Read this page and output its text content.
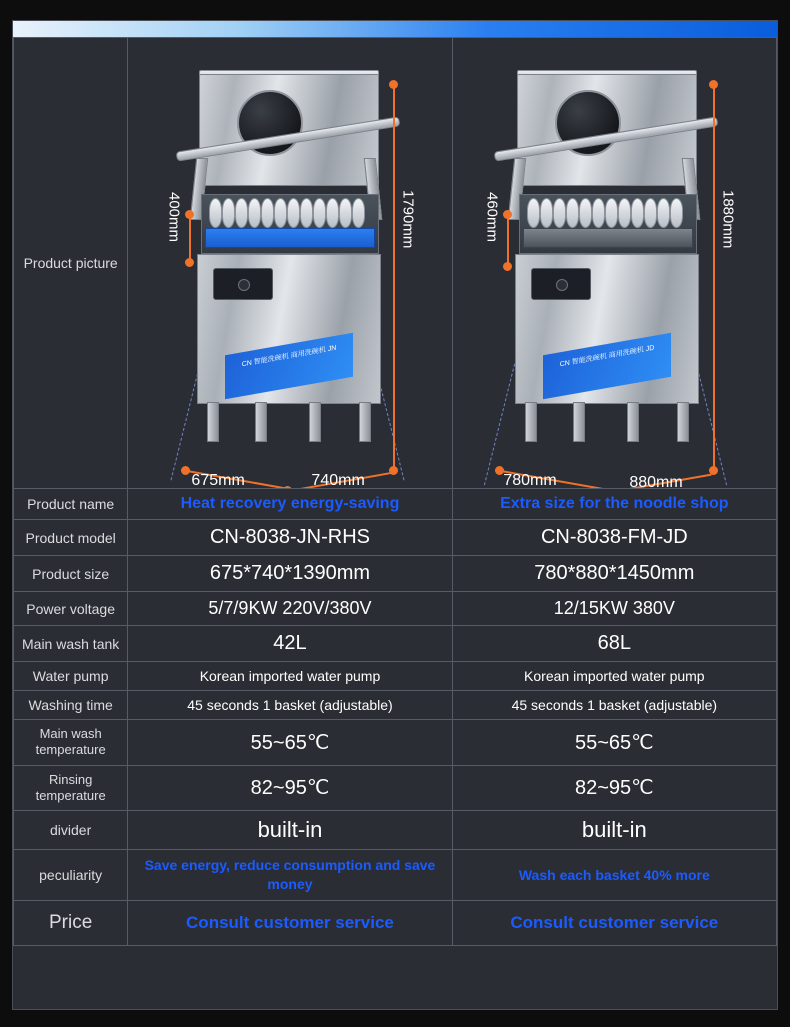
Product picture	
CN 智能洗碗机 商用洗碗机 JN
400mm	1790mm
675mm	740mm

CN 智能洗碗机 商用洗碗机 JD
460mm	1880mm
780mm	880mm

Product name	Heat recovery energy-saving	Extra size for the noodle shop
Product model	CN-8038-JN-RHS	CN-8038-FM-JD
Product size	675*740*1390mm	780*880*1450mm
Power voltage	5/7/9KW 220V/380V	12/15KW 380V
Main wash tank	42L	68L
Water pump	Korean imported water pump	Korean imported water pump
Washing time	45 seconds 1 basket (adjustable)	45 seconds 1 basket (adjustable)
Main wash temperature	55~65℃	55~65℃
Rinsing temperature	82~95℃	82~95℃
divider	built-in	built-in
peculiarity	Save energy, reduce consumption and save money	Wash each basket 40% more
Price	Consult customer service	Consult customer service
